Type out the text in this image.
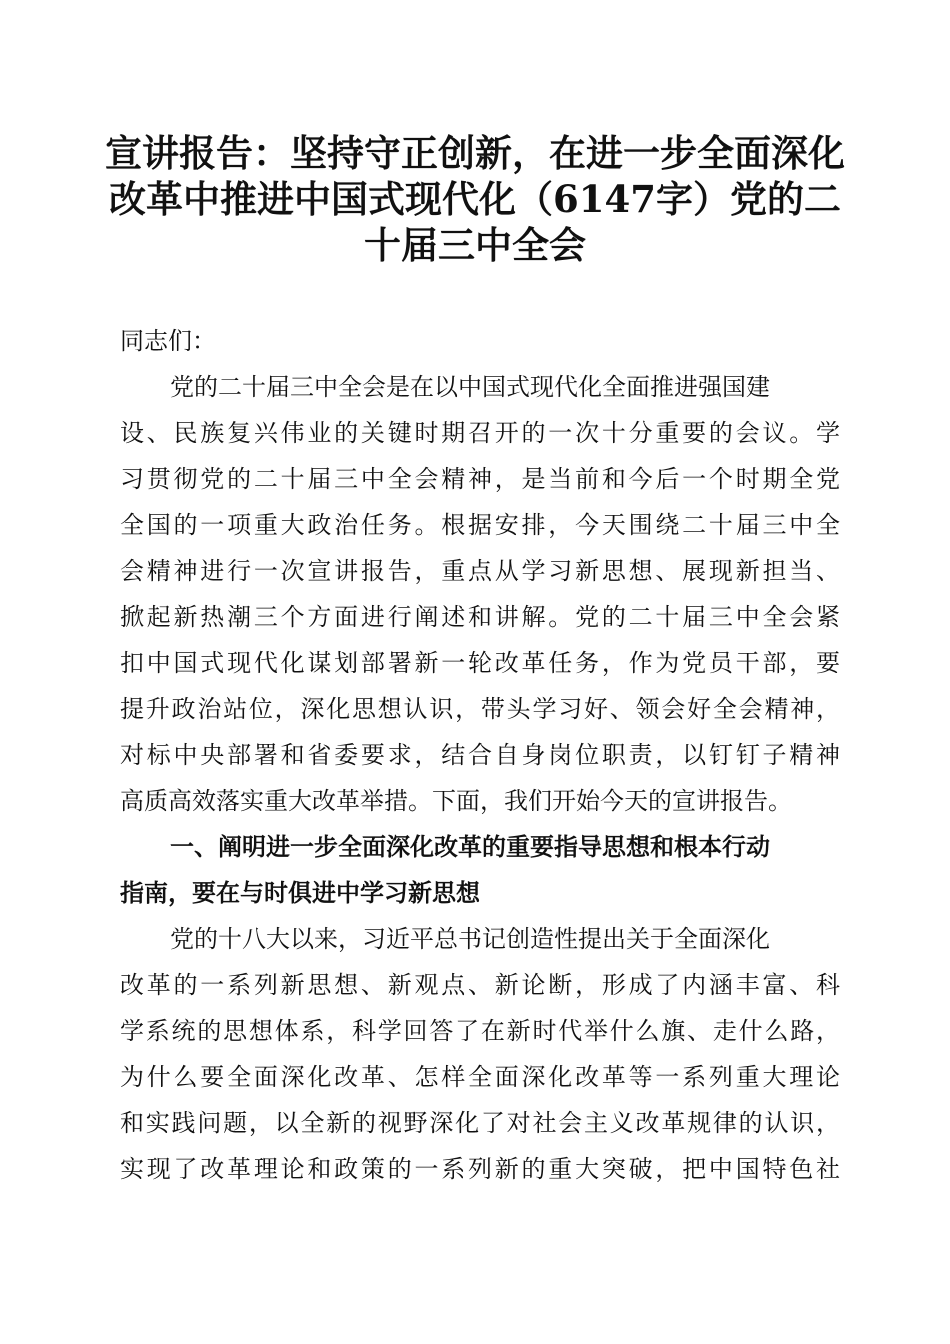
宣讲报告：坚持守正创新，在进一步全面深化
改革中推进中国式现代化（6147字）党的二
十届三中全会
同志们：
党的二十届三中全会是在以中国式现代化全面推进强国建
设、民族复兴伟业的关键时期召开的一次十分重要的会议。学
习贯彻党的二十届三中全会精神，是当前和今后一个时期全党
全国的一项重大政治任务。根据安排，今天围绕二十届三中全
会精神进行一次宣讲报告，重点从学习新思想、展现新担当、
掀起新热潮三个方面进行阐述和讲解。党的二十届三中全会紧
扣中国式现代化谋划部署新一轮改革任务，作为党员干部，要
提升政治站位，深化思想认识，带头学习好、领会好全会精神，
对标中央部署和省委要求，结合自身岗位职责，以钉钉子精神
高质高效落实重大改革举措。下面，我们开始今天的宣讲报告。
一、阐明进一步全面深化改革的重要指导思想和根本行动
指南，要在与时俱进中学习新思想
党的十八大以来，习近平总书记创造性提出关于全面深化
改革的一系列新思想、新观点、新论断，形成了内涵丰富、科
学系统的思想体系，科学回答了在新时代举什么旗、走什么路，
为什么要全面深化改革、怎样全面深化改革等一系列重大理论
和实践问题，以全新的视野深化了对社会主义改革规律的认识，
实现了改革理论和政策的一系列新的重大突破，把中国特色社
